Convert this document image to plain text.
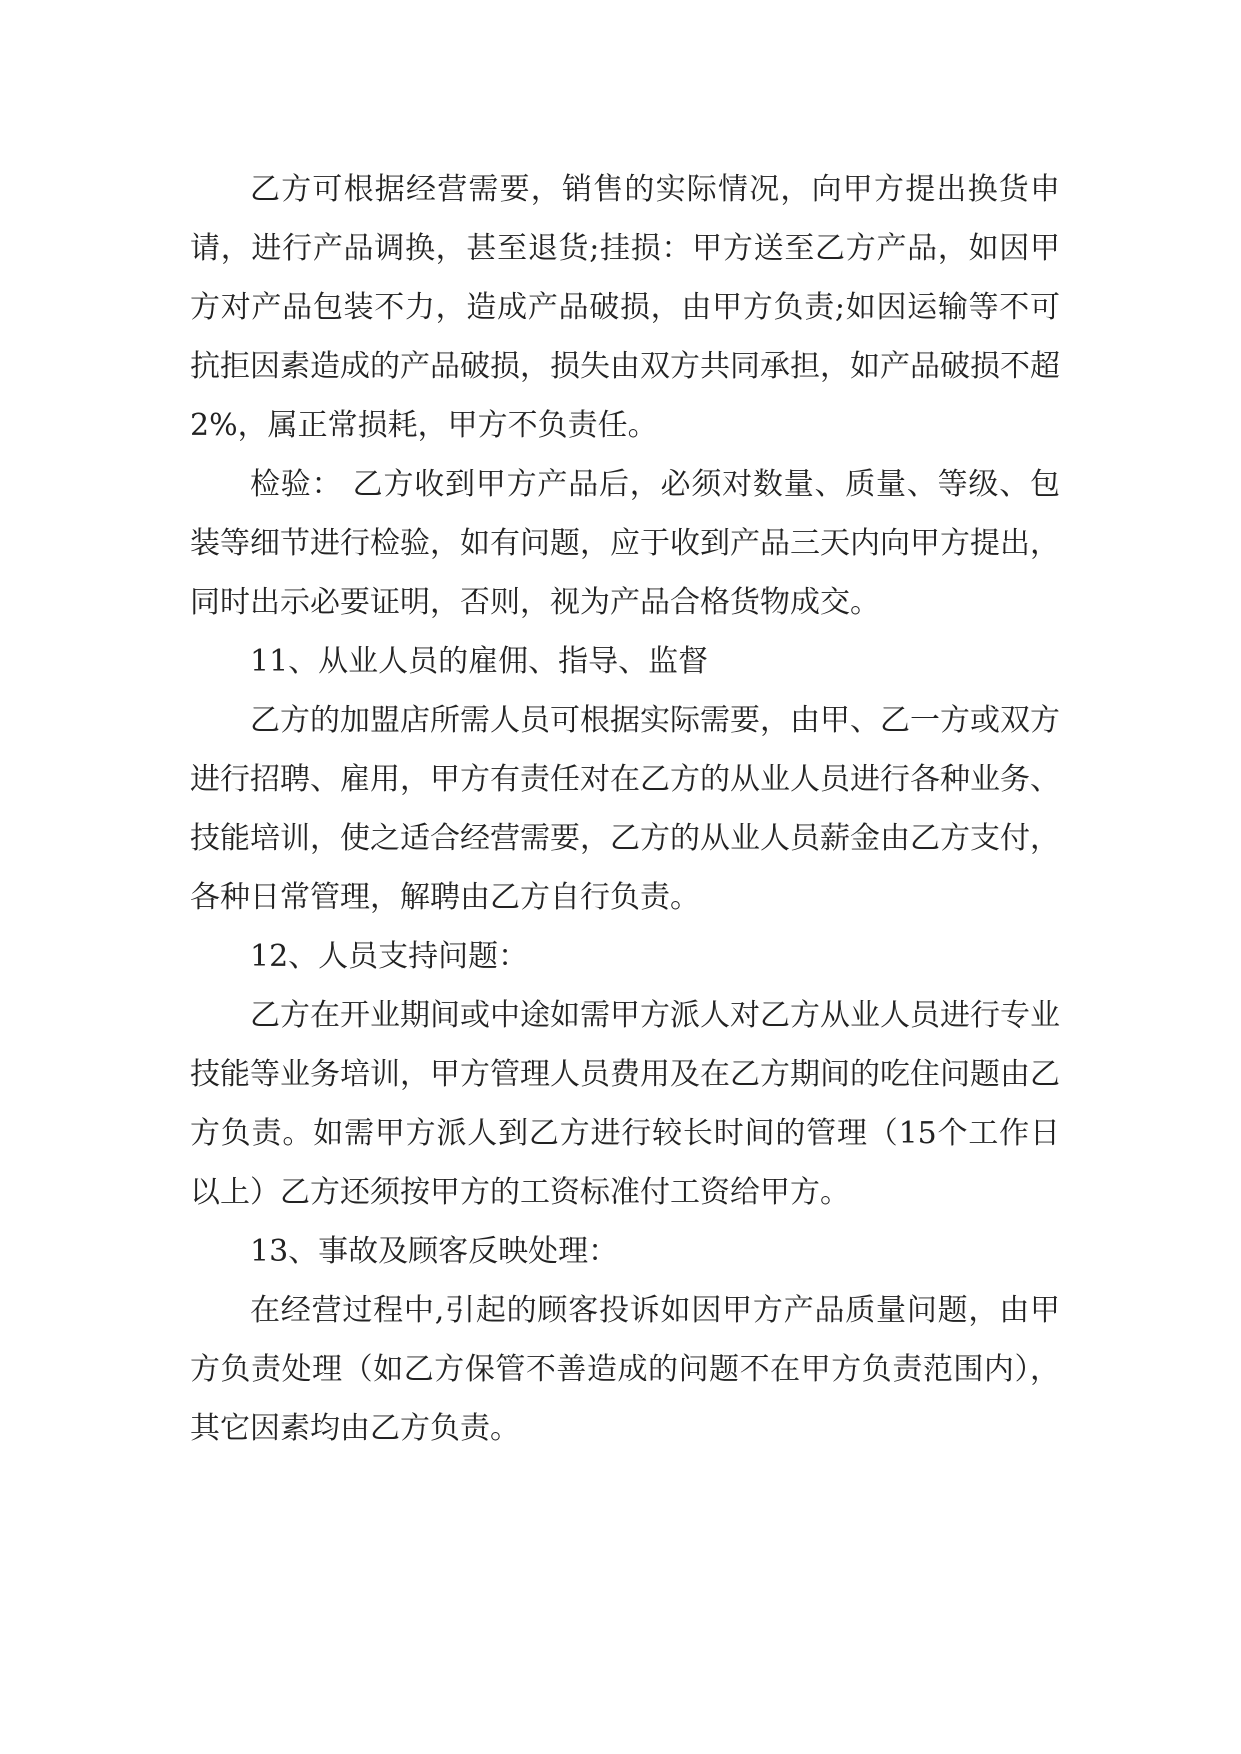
乙方可根据经营需要，销售的实际情况，向甲方提出换货申请，进行产品调换，甚至退货;挂损：甲方送至乙方产品，如因甲方对产品包装不力，造成产品破损，由甲方负责;如因运输等不可抗拒因素造成的产品破损，损失由双方共同承担，如产品破损不超2%，属正常损耗，甲方不负责任。

检验： 乙方收到甲方产品后，必须对数量、质量、等级、包装等细节进行检验，如有问题，应于收到产品三天内向甲方提出，同时出示必要证明，否则，视为产品合格货物成交。

11、从业人员的雇佣、指导、监督

乙方的加盟店所需人员可根据实际需要，由甲、乙一方或双方进行招聘、雇用，甲方有责任对在乙方的从业人员进行各种业务、技能培训，使之适合经营需要，乙方的从业人员薪金由乙方支付，各种日常管理，解聘由乙方自行负责。

12、人员支持问题：

乙方在开业期间或中途如需甲方派人对乙方从业人员进行专业技能等业务培训，甲方管理人员费用及在乙方期间的吃住问题由乙方负责。如需甲方派人到乙方进行较长时间的管理（15个工作日以上）乙方还须按甲方的工资标准付工资给甲方。

13、事故及顾客反映处理：

在经营过程中,引起的顾客投诉如因甲方产品质量问题，由甲方负责处理（如乙方保管不善造成的问题不在甲方负责范围内），其它因素均由乙方负责。
